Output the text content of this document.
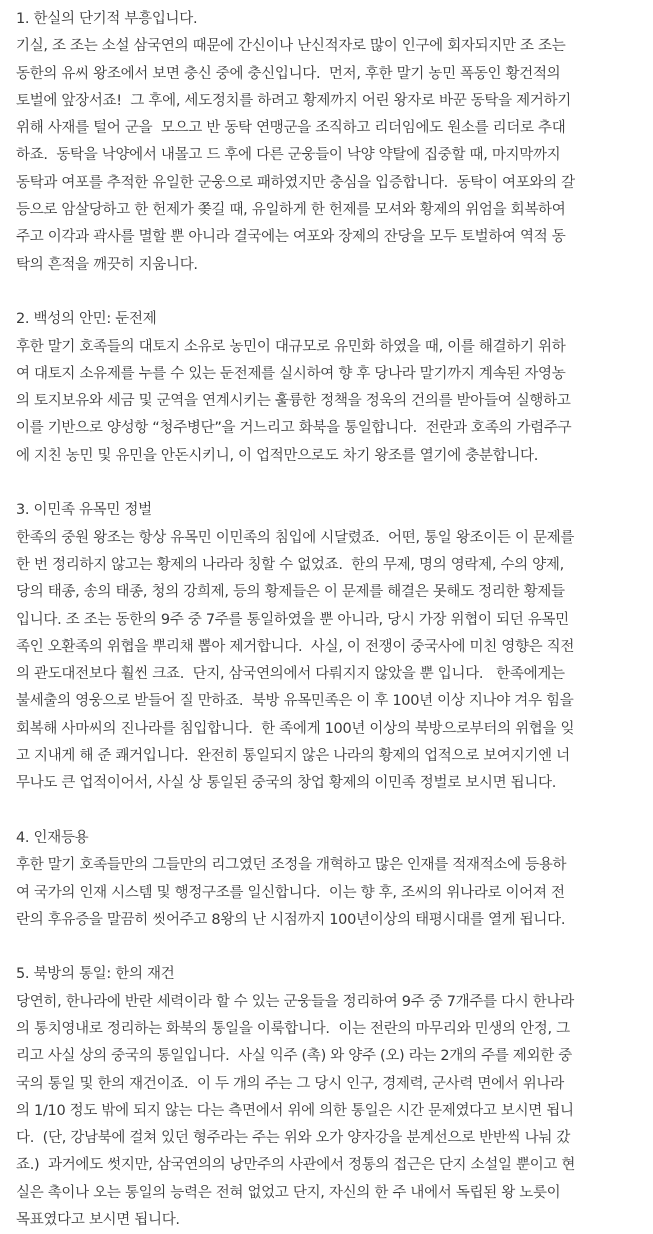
1. 한실의 단기적 부흥입니다.
기실, 조 조는 소설 삼국연의 때문에 간신이나 난신적자로 많이 인구에 회자되지만 조 조는
동한의 유씨 왕조에서 보면 충신 중에 충신입니다.  먼저, 후한 말기 농민 폭동인 황건적의
토벌에 앞장서죠!  그 후에, 세도정치를 하려고 황제까지 어린 왕자로 바꾼 동탁을 제거하기
위해 사재를 털어 군을  모으고 반 동탁 연맹군을 조직하고 리더임에도 원소를 리더로 추대
하죠.  동탁을 낙양에서 내몰고 드 후에 다른 군웅들이 낙양 약탈에 집중할 때, 마지막까지
동탁과 여포를 추적한 유일한 군웅으로 패하였지만 충심을 입증합니다.  동탁이 여포와의 갈
등으로 암살당하고 한 헌제가 쫒길 때, 유일하게 한 헌제를 모셔와 황제의 위엄을 회복하여
주고 이각과 곽사를 멸할 뿐 아니라 결국에는 여포와 장제의 잔당을 모두 토벌하여 역적 동
탁의 흔적을 깨끗히 지움니다.
2. 백성의 안민: 둔전제
후한 말기 호족들의 대토지 소유로 농민이 대규모로 유민화 하였을 때, 이를 해결하기 위하
여 대토지 소유제를 누를 수 있는 둔전제를 실시하여 향 후 당나라 말기까지 계속된 자영농
의 토지보유와 세금 및 군역을 연계시키는 훌륭한 정책을 정욱의 건의를 받아들여 실행하고
이를 기반으로 양성항 “청주병단”을 거느리고 화북을 통일합니다.  전란과 호족의 가렴주구
에 지친 농민 및 유민을 안돈시키니, 이 업적만으로도 차기 왕조를 열기에 충분합니다.
3. 이민족 유목민 정벌
한족의 중원 왕조는 항상 유목민 이민족의 침입에 시달렸죠.  어떤, 통일 왕조이든 이 문제를
한 번 정리하지 않고는 황제의 나라라 칭할 수 없었죠.  한의 무제, 명의 영락제, 수의 양제,
당의 태종, 송의 태종, 청의 강희제, 등의 황제들은 이 문제를 해결은 못해도 정리한 황제들
입니다. 조 조는 동한의 9주 중 7주를 통일하였을 뿐 아니라, 당시 가장 위협이 되던 유목민
족인 오환족의 위협을 뿌리채 뽑아 제거합니다.  사실, 이 전쟁이 중국사에 미친 영향은 직전
의 관도대전보다 훨씬 크죠.  단지, 삼국연의에서 다뤄지지 않았을 뿐 입니다.   한족에게는
불세출의 영웅으로 받들어 질 만하죠.  북방 유목민족은 이 후 100년 이상 지나야 겨우 힘을
회복해 사마씨의 진나라를 침입합니다.  한 족에게 100년 이상의 북방으로부터의 위협을 잊
고 지내게 해 준 쾌거입니다.  완전히 통일되지 않은 나라의 황제의 업적으로 보여지기엔 너
무나도 큰 업적이어서, 사실 상 통일된 중국의 창업 황제의 이민족 정벌로 보시면 됩니다.
4. 인재등용
후한 말기 호족들만의 그들만의 리그였던 조정을 개혁하고 많은 인재를 적재적소에 등용하
여 국가의 인재 시스템 및 행정구조를 일신합니다.  이는 향 후, 조씨의 위나라로 이어져 전
란의 후유증을 말끔히 씻어주고 8왕의 난 시점까지 100년이상의 태평시대를 열게 됩니다.
5. 북방의 통일: 한의 재건
당연히, 한나라에 반란 세력이라 할 수 있는 군웅들을 정리하여 9주 중 7개주를 다시 한나라
의 통치영내로 정리하는 화북의 통일을 이룩합니다.  이는 전란의 마무리와 민생의 안정, 그
리고 사실 상의 중국의 통일입니다.  사실 익주 (촉) 와 양주 (오) 라는 2개의 주를 제외한 중
국의 통일 및 한의 재건이죠.  이 두 개의 주는 그 당시 인구, 경제력, 군사력 면에서 위나라
의 1/10 정도 밖에 되지 않는 다는 측면에서 위에 의한 통일은 시간 문제였다고 보시면 됩니
다.  (단, 강남북에 걸쳐 있던 형주라는 주는 위와 오가 양자강을 분계선으로 반반씩 나눠 갔
죠.)  과거에도 썻지만, 삼국연의의 낭만주의 사관에서 정통의 접근은 단지 소설일 뿐이고 현
실은 촉이나 오는 통일의 능력은 전혀 없었고 단지, 자신의 한 주 내에서 독립된 왕 노릇이
목표였다고 보시면 됩니다.
